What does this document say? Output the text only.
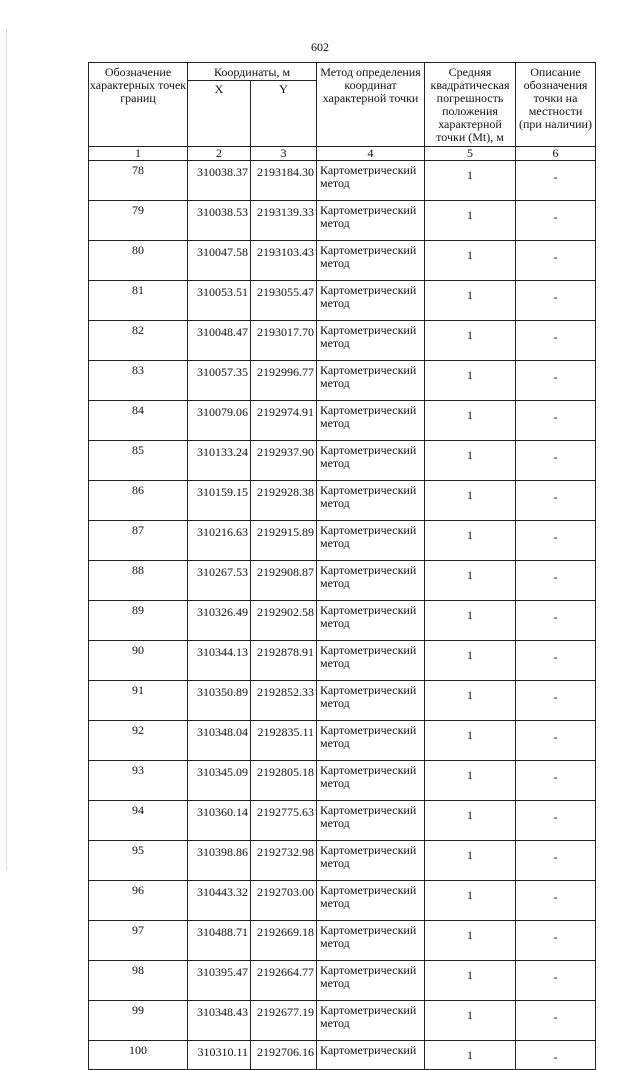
602
Обозначение характерных точек границ	Координаты, м		Метод определения координат характерной точки	Средняя квадратическая погрешность положения характерной точки (Mt), м	Описание обозначения точки на местности (при наличии)
	X	Y			
1	2	3	4	5	6
78	310038.37	2193184.30	Картометрический метод	1	-
79	310038.53	2193139.33	Картометрический метод	1	-
80	310047.58	2193103.43	Картометрический метод	1	-
81	310053.51	2193055.47	Картометрический метод	1	-
82	310048.47	2193017.70	Картометрический метод	1	-
83	310057.35	2192996.77	Картометрический метод	1	-
84	310079.06	2192974.91	Картометрический метод	1	-
85	310133.24	2192937.90	Картометрический метод	1	-
86	310159.15	2192928.38	Картометрический метод	1	-
87	310216.63	2192915.89	Картометрический метод	1	-
88	310267.53	2192908.87	Картометрический метод	1	-
89	310326.49	2192902.58	Картометрический метод	1	-
90	310344.13	2192878.91	Картометрический метод	1	-
91	310350.89	2192852.33	Картометрический метод	1	-
92	310348.04	2192835.11	Картометрический метод	1	-
93	310345.09	2192805.18	Картометрический метод	1	-
94	310360.14	2192775.63	Картометрический метод	1	-
95	310398.86	2192732.98	Картометрический метод	1	-
96	310443.32	2192703.00	Картометрический метод	1	-
97	310488.71	2192669.18	Картометрический метод	1	-
98	310395.47	2192664.77	Картометрический метод	1	-
99	310348.43	2192677.19	Картометрический метод	1	-
100	310310.11	2192706.16	Картометрический	1	-
